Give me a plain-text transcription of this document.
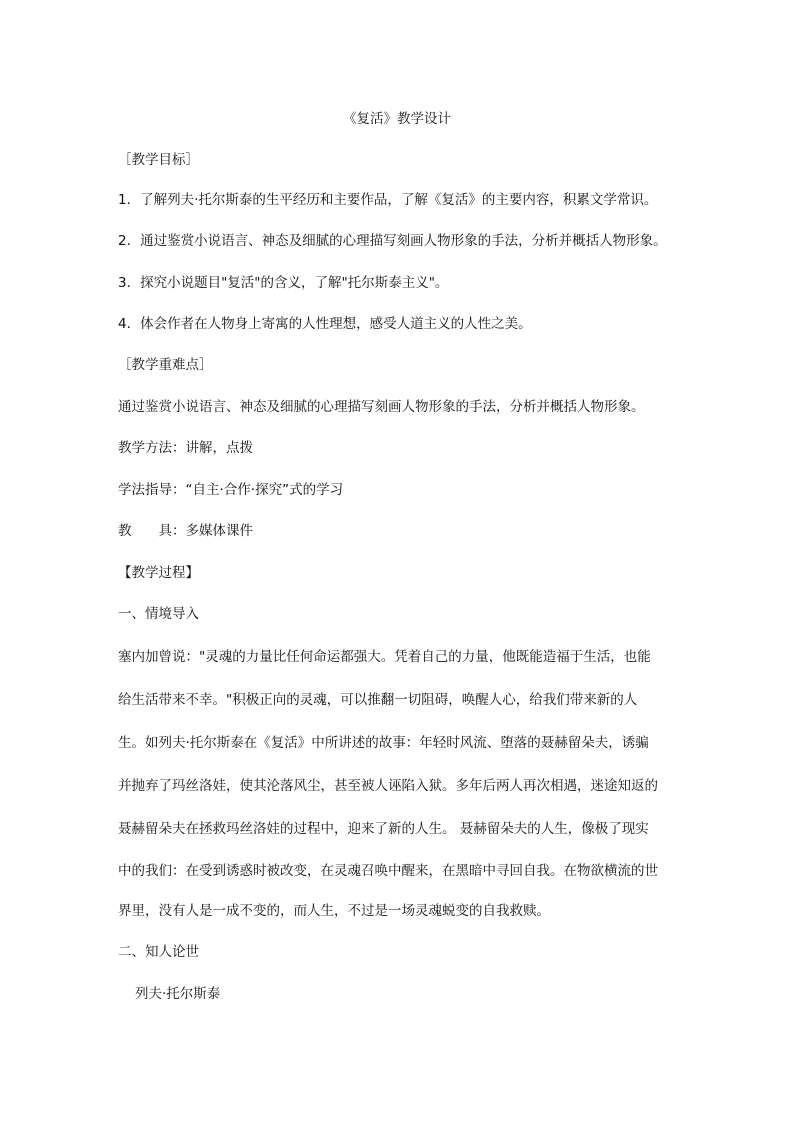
《复活》教学设计
［教学目标］
1．了解列夫·托尔斯泰的生平经历和主要作品，了解《复活》的主要内容，积累文学常识。
2．通过鉴赏小说语言、神态及细腻的心理描写刻画人物形象的手法，分析并概括人物形象。
3．探究小说题目"复活"的含义，了解"托尔斯泰主义"。
4．体会作者在人物身上寄寓的人性理想，感受人道主义的人性之美。
［教学重难点］
通过鉴赏小说语言、神态及细腻的心理描写刻画人物形象的手法，分析并概括人物形象。
教学方法：讲解，点拨
学法指导：“自主·合作·探究”式的学习
教　　具：多媒体课件
【教学过程】
一、情境导入
塞内加曾说："灵魂的力量比任何命运都强大。凭着自己的力量，他既能造福于生活，也能
给生活带来不幸。"积极正向的灵魂，可以推翻一切阻碍，唤醒人心，给我们带来新的人
生。如列夫·托尔斯泰在《复活》中所讲述的故事：年轻时风流、堕落的聂赫留朵夫，诱骗
并抛弃了玛丝洛娃，使其沦落风尘，甚至被人诬陷入狱。多年后两人再次相遇，迷途知返的
聂赫留朵夫在拯救玛丝洛娃的过程中，迎来了新的人生。 聂赫留朵夫的人生，像极了现实
中的我们：在受到诱惑时被改变，在灵魂召唤中醒来，在黑暗中寻回自我。在物欲横流的世
界里，没有人是一成不变的，而人生，不过是一场灵魂蜕变的自我救赎。
二、知人论世
列夫·托尔斯泰
